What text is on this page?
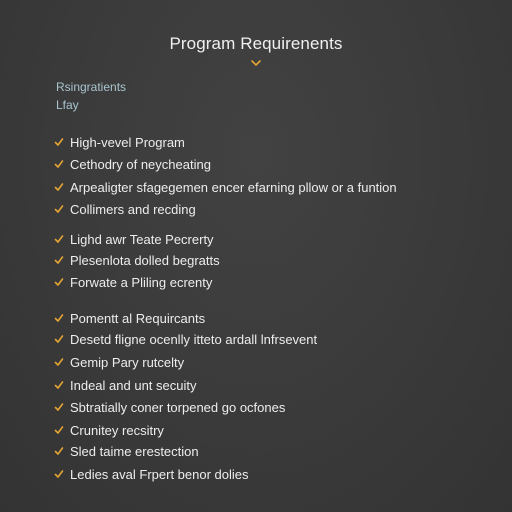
Program Requirenents
Rsingratients
Lfay
High-vevel Program
Cethodry of neycheating
Arpealigter sfagegemen encer efarning pllow or a funtion
Collimers and recding
Lighd awr Teate Pecrerty
Plesenlota dolled begratts
Forwate a Pliling ecrenty
Pomentt al Requircants
Desetd fligne ocenlly itteto ardall lnfrsevent
Gemip Pary rutcelty
Indeal and unt secuity
Sbtratially coner torpened go ocfones
Crunitey recsitry
Sled taime erestection
Ledies aval Frpert benor dolies
